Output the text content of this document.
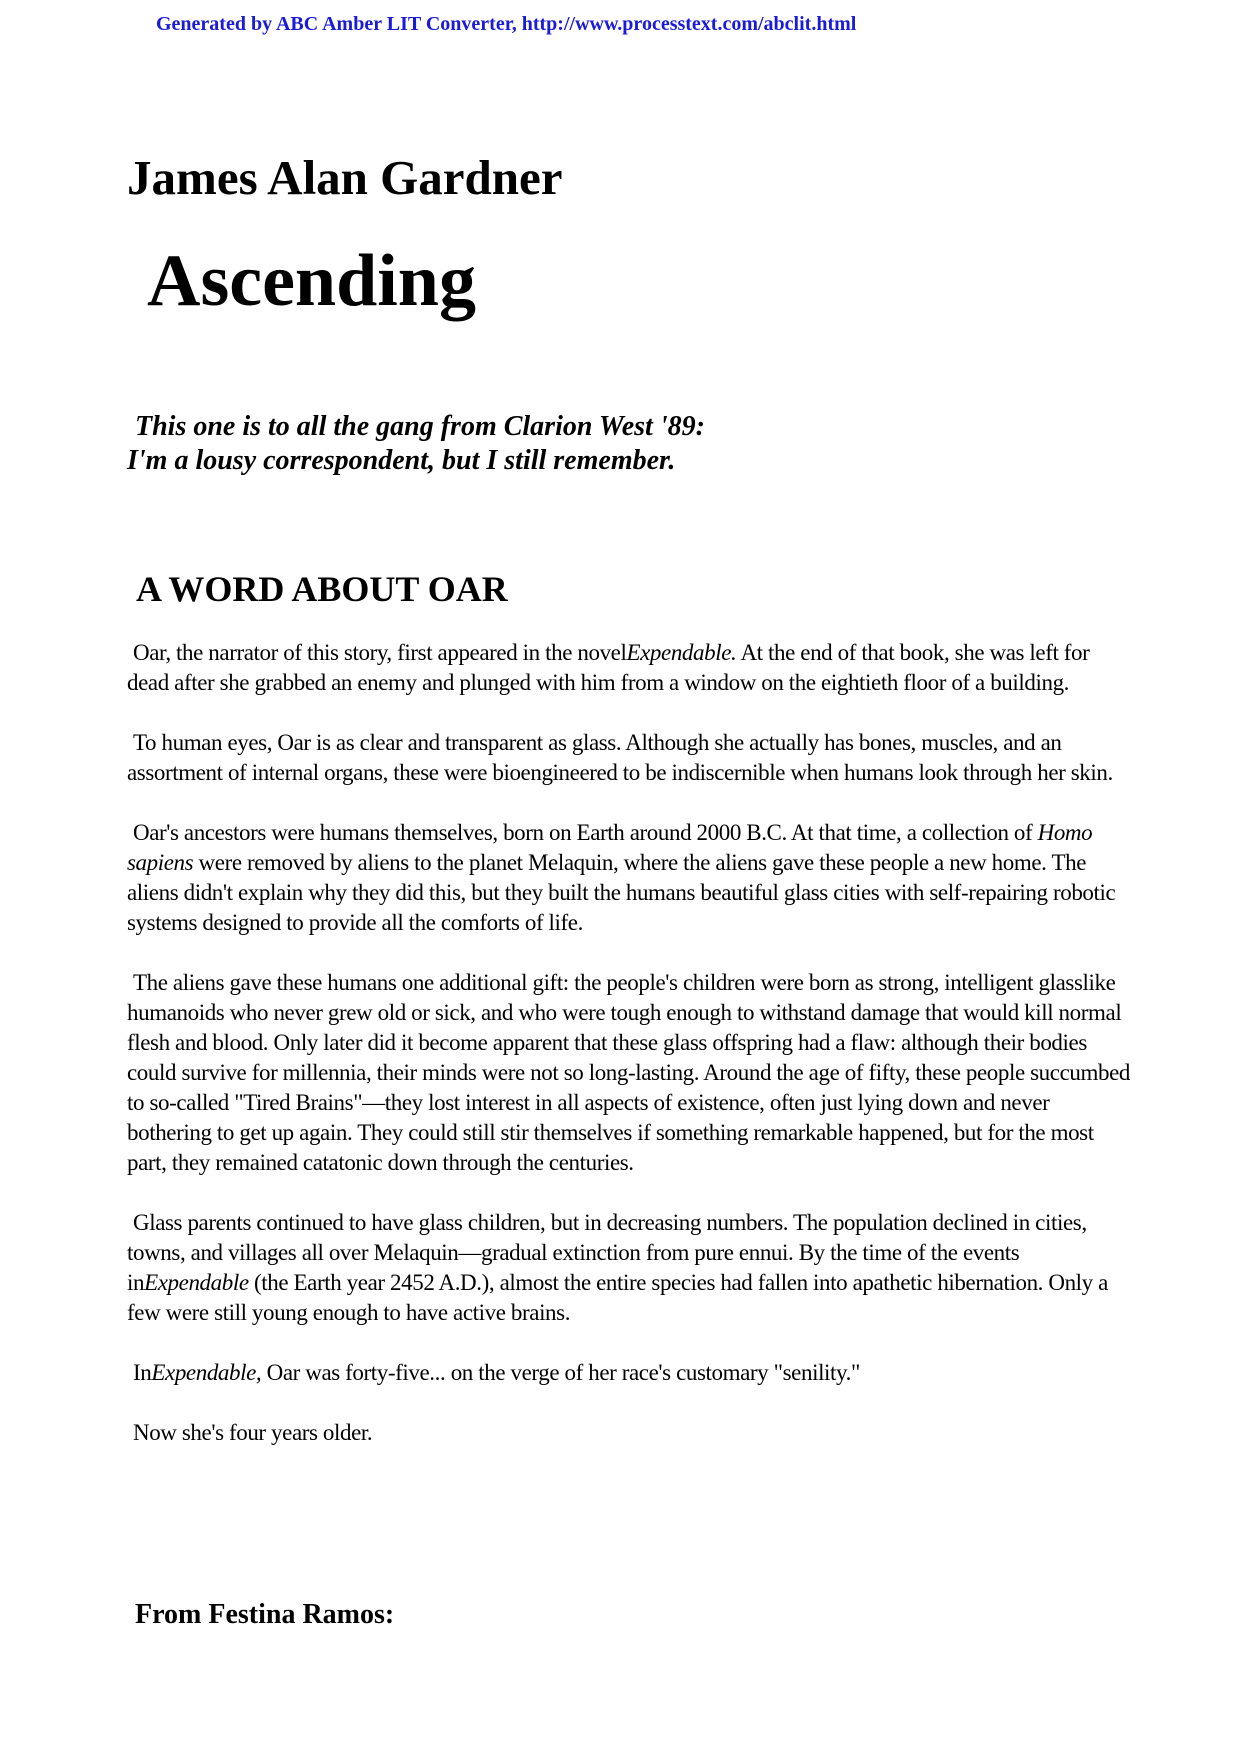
Generated by ABC Amber LIT Converter, http://www.processtext.com/abclit.html
James Alan Gardner
Ascending
This one is to all the gang from Clarion West '89:
I'm a lousy correspondent, but I still remember.
A WORD ABOUT OAR

Oar, the narrator of this story, first appeared in the novelExpendable. At the end of that book, she was left for dead after she grabbed an enemy and plunged with him from a window on the eightieth floor of a building.

To human eyes, Oar is as clear and transparent as glass. Although she actually has bones, muscles, and an assortment of internal organs, these were bioengineered to be indiscernible when humans look through her skin.

Oar's ancestors were humans themselves, born on Earth around 2000 B.C. At that time, a collection of Homo sapiens were removed by aliens to the planet Melaquin, where the aliens gave these people a new home. The aliens didn't explain why they did this, but they built the humans beautiful glass cities with self-repairing robotic systems designed to provide all the comforts of life.

The aliens gave these humans one additional gift: the people's children were born as strong, intelligent glasslike humanoids who never grew old or sick, and who were tough enough to withstand damage that would kill normal flesh and blood. Only later did it become apparent that these glass offspring had a flaw: although their bodies could survive for millennia, their minds were not so long-lasting. Around the age of fifty, these people succumbed to so-called "Tired Brains"—they lost interest in all aspects of existence, often just lying down and never bothering to get up again. They could still stir themselves if something remarkable happened, but for the most part, they remained catatonic down through the centuries.

Glass parents continued to have glass children, but in decreasing numbers. The population declined in cities, towns, and villages all over Melaquin—gradual extinction from pure ennui. By the time of the events inExpendable (the Earth year 2452 A.D.), almost the entire species had fallen into apathetic hibernation. Only a few were still young enough to have active brains.

InExpendable, Oar was forty-five... on the verge of her race's customary "senility."

Now she's four years older.

From Festina Ramos:
